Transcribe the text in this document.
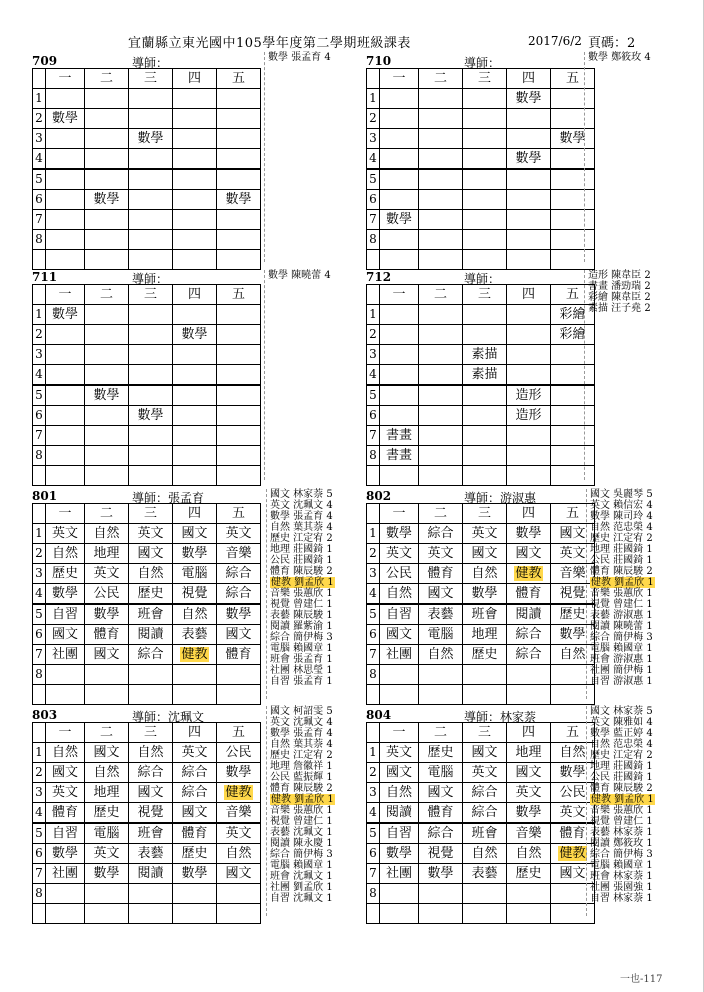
宜蘭縣立東光國中105學年度第二學期班級課表	2017/6/2 頁碼：2
一也-117
709	導師：
	一	二	三	四	五
1					
2	數學				
3			數學		
4					
5					
6		數學			數學
7					
8					

數學 張孟育 4	710	導師：
	一	二	三	四	五
1				數學	
2					
3					數學
4				數學	
5					
6					
7	數學				
8					

數學 鄭筱玫 4
711	導師：
	一	二	三	四	五
1	數學				
2				數學	
3					
4					
5		數學			
6			數學		
7					
8					

數學 陳曉蕾 4	712	導師：
	一	二	三	四	五
1					彩繪
2					彩繪
3			素描		
4			素描		
5				造形	
6				造形	
7	書畫				
8	書畫				

造形 陳韋臣 2
書畫 潘勁瑞 2
彩繪 陳韋臣 2
素描 汪子堯 2
801	導師：張孟育
	一	二	三	四	五
1	英文	自然	英文	國文	英文
2	自然	地理	國文	數學	音樂
3	歷史	英文	自然	電腦	綜合
4	數學	公民	歷史	視覺	綜合
5	自習	數學	班會	自然	數學
6	國文	體育	閱讀	表藝	國文
7	社團	國文	綜合	健教	體育
8					

國文 林家萘 5
英文 沈珮文 4
數學 張孟育 4
自然 葉其萘 4
歷史 江定宥 2
地理 莊國錡 1
公民 莊國錡 1
體育 陳辰駿 2
健教 劉孟欣 1
音樂 張蕙欣 1
視覺 曾建仁 1
表藝 陳辰駿 1
閱讀 羅紫渝 1
綜合 簡伊梅 3
電腦 賴國章 1
班會 張孟育 1
社團 林思瑩 1
自習 張孟育 1
802	導師：游淑惠
	一	二	三	四	五
1	數學	綜合	英文	數學	國文
2	英文	英文	國文	國文	英文
3	公民	體育	自然	健教	音樂
4	自然	國文	數學	體育	視覺
5	自習	表藝	班會	閱讀	歷史
6	國文	電腦	地理	綜合	數學
7	社團	自然	歷史	綜合	自然
8					

國文 吳麗琴 5
英文 賴信宏 4
數學 陳司玲 4
自然 范忠榮 4
歷史 江定宥 2
地理 莊國錡 1
公民 莊國錡 1
體育 陳辰駿 2
健教 劉孟欣 1
音樂 張蕙欣 1
視覺 曾建仁 1
表藝 游淑惠 1
閱讀 陳曉蕾 1
綜合 簡伊梅 3
電腦 賴國章 1
班會 游淑惠 1
社團 簡伊梅 1
自習 游淑惠 1
803	導師：沈珮文
	一	二	三	四	五
1	自然	國文	自然	英文	公民
2	國文	自然	綜合	綜合	數學
3	英文	地理	國文	綜合	健教
4	體育	歷史	視覺	國文	音樂
5	自習	電腦	班會	體育	英文
6	數學	英文	表藝	歷史	自然
7	社團	數學	閱讀	數學	國文
8					

國文 柯詔雯 5
英文 沈珮文 4
數學 張孟育 4
自然 葉其萘 4
歷史 江定宥 2
地理 詹徽祥 1
公民 藍振輝 1
體育 陳辰駿 2
健教 劉孟欣 1
音樂 張蕙欣 1
視覺 曾建仁 1
表藝 沈珮文 1
閱讀 陳永慶 1
綜合 簡伊梅 3
電腦 賴國章 1
班會 沈珮文 1
社團 劉孟欣 1
自習 沈珮文 1
804	導師：林家萘
	一	二	三	四	五
1	英文	歷史	國文	地理	自然
2	國文	電腦	英文	國文	數學
3	自然	國文	綜合	英文	公民
4	閱讀	體育	綜合	數學	英文
5	自習	綜合	班會	音樂	體育
6	數學	視覺	自然	自然	健教
7	社團	數學	表藝	歷史	國文
8					

國文 林家萘 5
英文 陳雅如 4
數學 藍正婷 4
自然 范忠榮 4
歷史 江定宥 2
地理 莊國錡 1
公民 莊國錡 1
體育 陳辰駿 2
健教 劉孟欣 1
音樂 張蕙欣 1
視覺 曾建仁 1
表藝 林家萘 1
閱讀 鄭筱玫 1
綜合 簡伊梅 3
電腦 賴國章 1
班會 林家萘 1
社團 張園強 1
自習 林家萘 1
